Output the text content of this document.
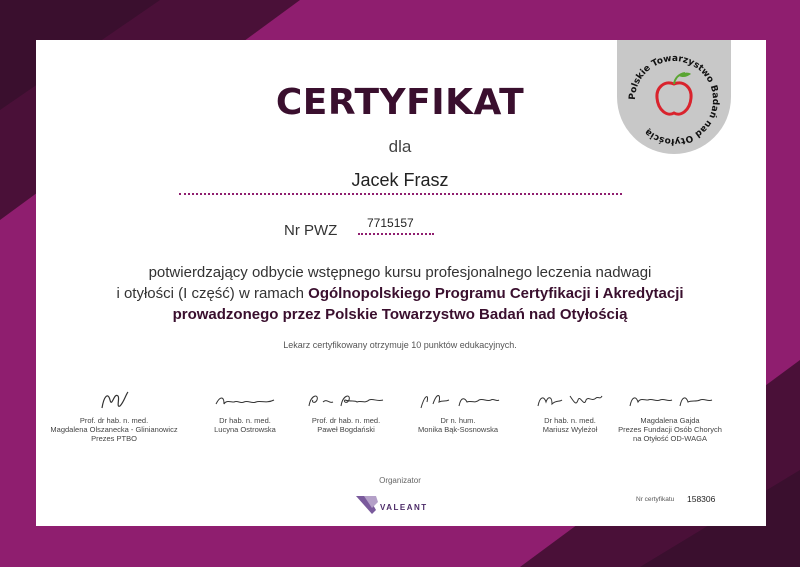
Polskie Towarzystwo Badań nad Otyłością
CERTYFIKAT
dla
Jacek Frasz
Nr PWZ 7715157
potwierdzający odbycie wstępnego kursu profesjonalnego leczenia nadwagi
i otyłości (I część) w ramach Ogólnopolskiego Programu Certyfikacji i Akredytacji
prowadzonego przez Polskie Towarzystwo Badań nad Otyłością
Lekarz certyfikowany otrzymuje 10 punktów edukacyjnych.
Prof. dr hab. n. med.
Magdalena Olszanecka - Glinianowicz
Prezes PTBO
Dr hab. n. med.
Lucyna Ostrowska
Prof. dr hab. n. med.
Paweł Bogdański
Dr n. hum.
Monika Bąk-Sosnowska
Dr hab. n. med.
Mariusz Wyleżoł
Magdalena Gajda
Prezes Fundacji Osób Chorych
na Otyłość OD-WAGA
Organizator
VALEANT
Nr certyfikatu 158306
